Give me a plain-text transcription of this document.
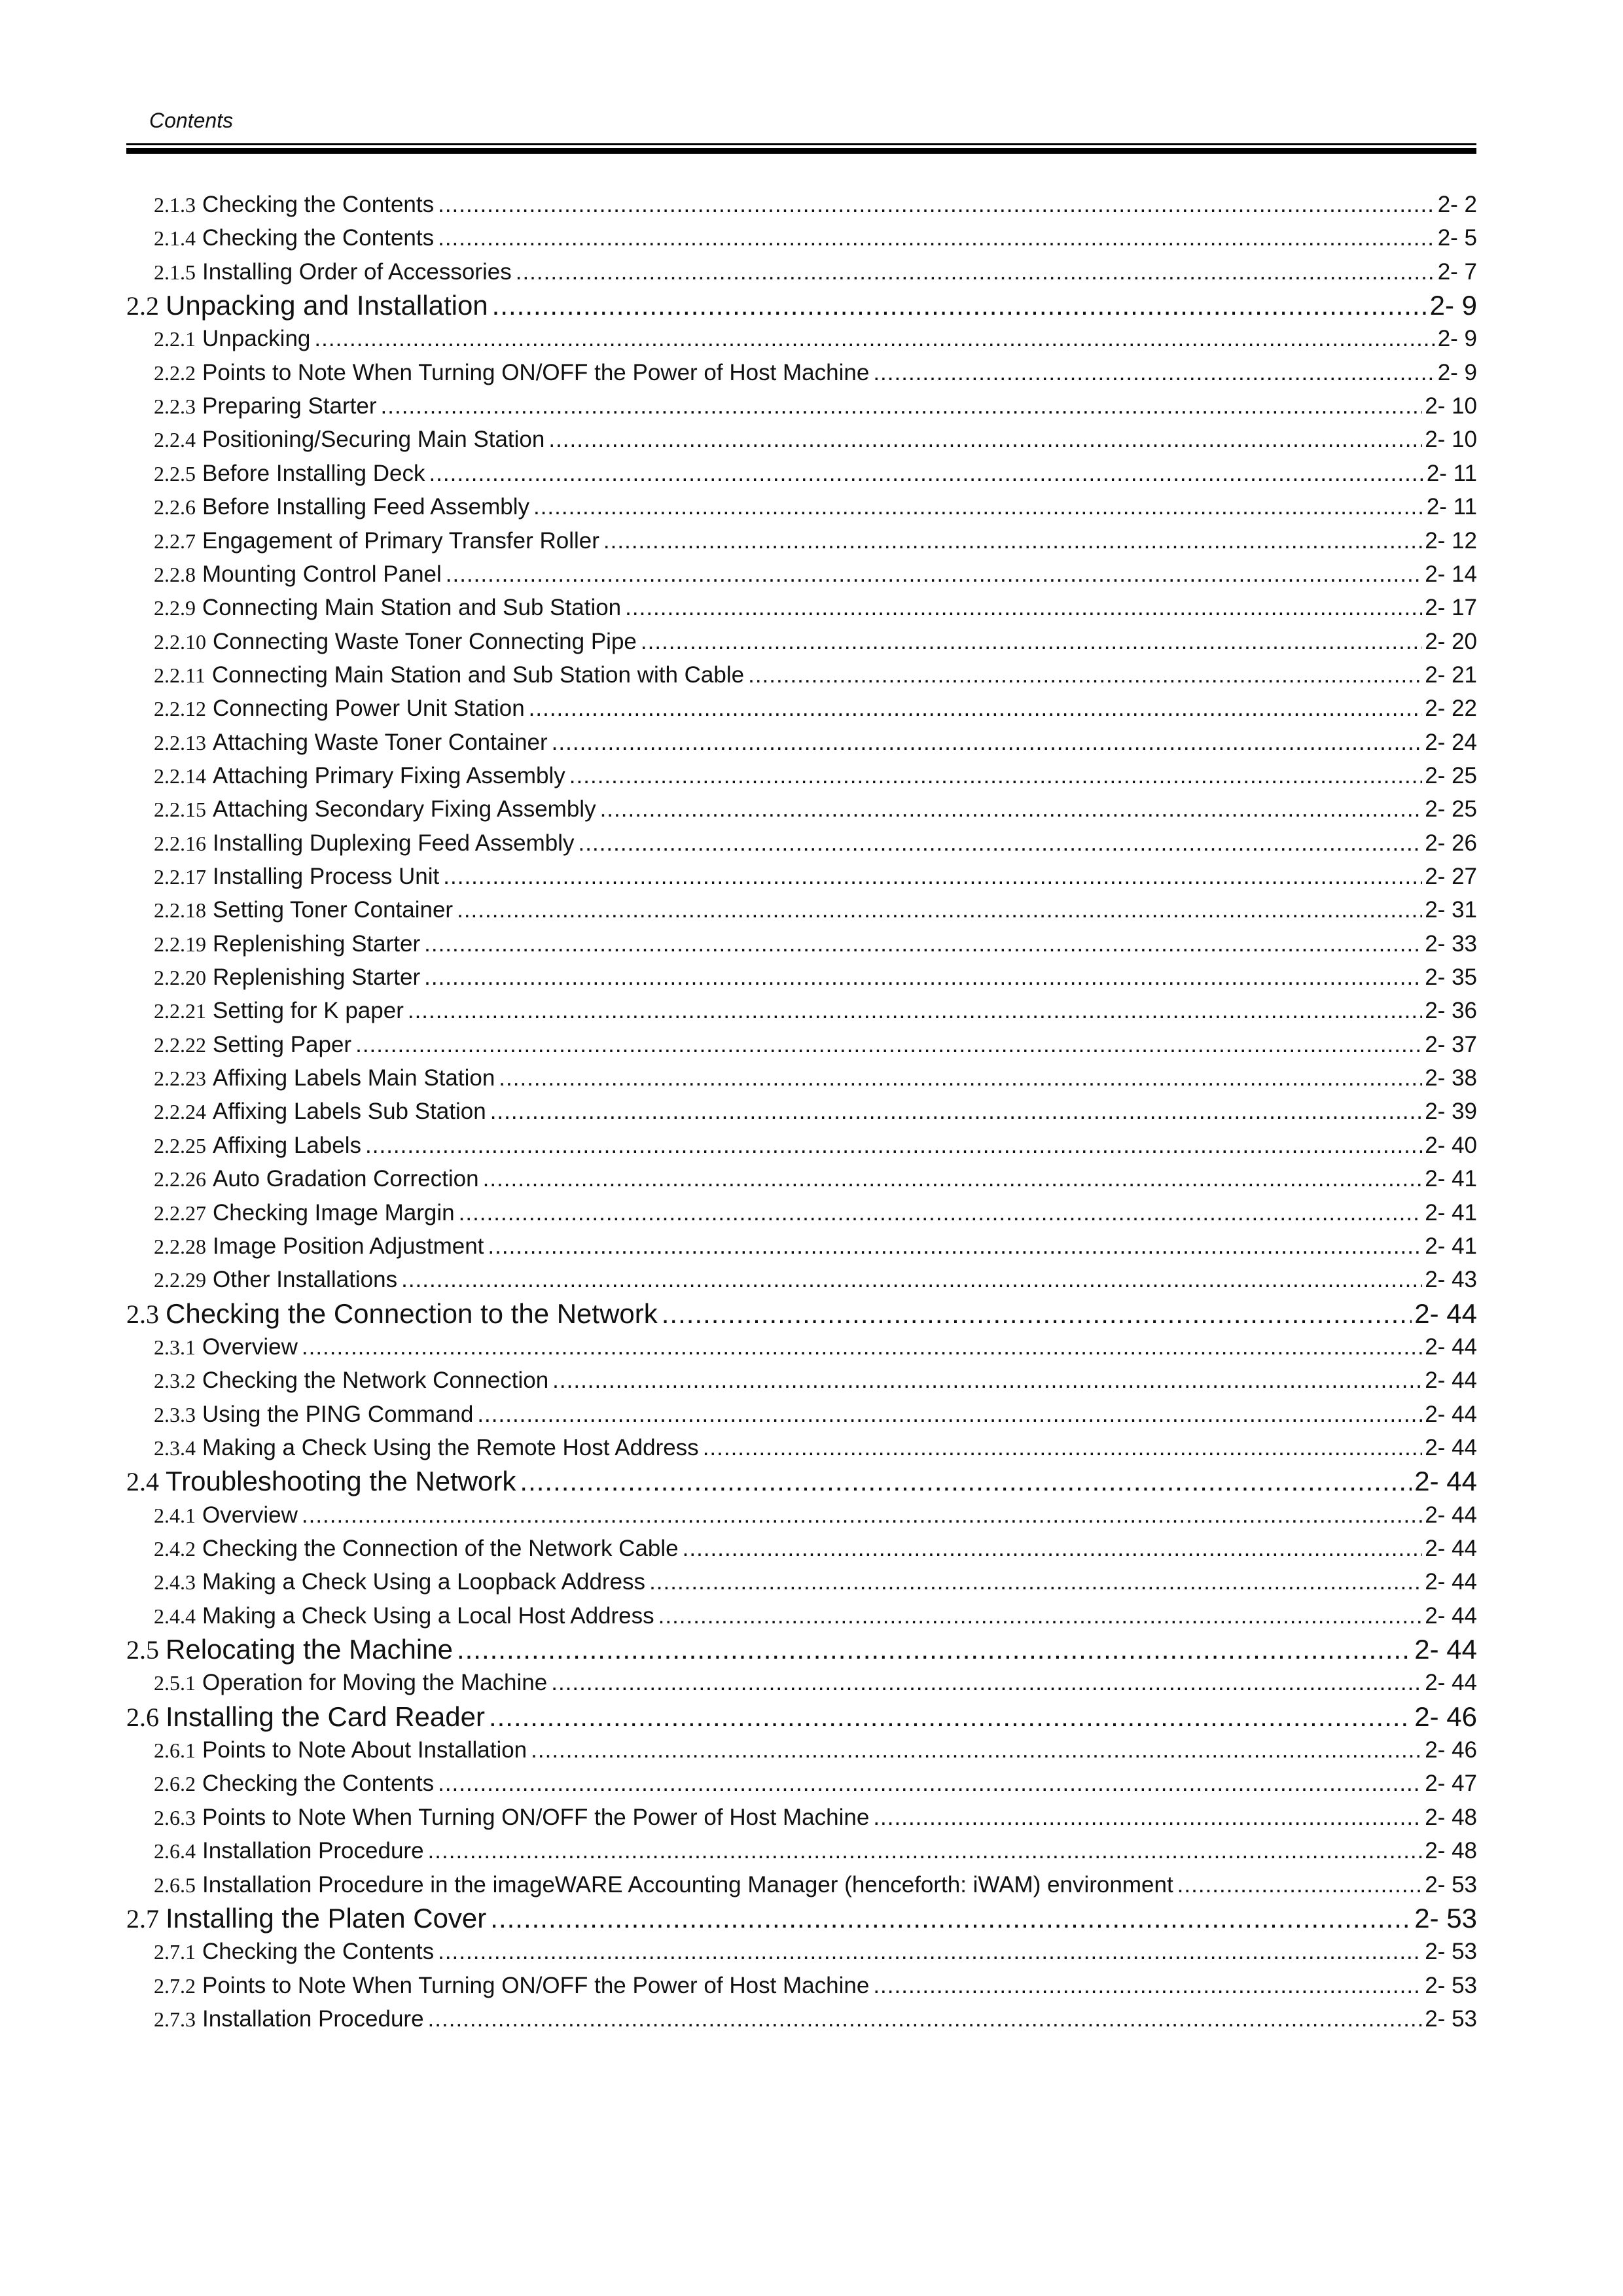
Contents
2.1.3 Checking the Contents .....	2- 2
2.1.4 Checking the Contents .....	2- 5
2.1.5 Installing Order of Accessories .....	2- 7
2.2 Unpacking and Installation .....	2- 9
2.2.1 Unpacking .....	2- 9
2.2.2 Points to Note When Turning ON/OFF the Power of Host Machine .....	2- 9
2.2.3 Preparing Starter .....	2- 10
2.2.4 Positioning/Securing Main Station .....	2- 10
2.2.5 Before Installing Deck .....	2- 11
2.2.6 Before Installing Feed Assembly .....	2- 11
2.2.7 Engagement of Primary Transfer Roller .....	2- 12
2.2.8 Mounting Control Panel .....	2- 14
2.2.9 Connecting Main Station and Sub Station .....	2- 17
2.2.10 Connecting Waste Toner Connecting Pipe .....	2- 20
2.2.11 Connecting Main Station and Sub Station with Cable .....	2- 21
2.2.12 Connecting Power Unit Station .....	2- 22
2.2.13 Attaching Waste Toner Container .....	2- 24
2.2.14 Attaching Primary Fixing Assembly .....	2- 25
2.2.15 Attaching Secondary Fixing Assembly .....	2- 25
2.2.16 Installing Duplexing Feed Assembly .....	2- 26
2.2.17 Installing Process Unit .....	2- 27
2.2.18 Setting Toner Container .....	2- 31
2.2.19 Replenishing Starter .....	2- 33
2.2.20 Replenishing Starter .....	2- 35
2.2.21 Setting for K paper .....	2- 36
2.2.22 Setting Paper .....	2- 37
2.2.23 Affixing Labels Main Station .....	2- 38
2.2.24 Affixing Labels Sub Station .....	2- 39
2.2.25 Affixing Labels .....	2- 40
2.2.26 Auto Gradation Correction .....	2- 41
2.2.27 Checking Image Margin .....	2- 41
2.2.28 Image Position Adjustment .....	2- 41
2.2.29 Other Installations .....	2- 43
2.3 Checking the Connection to the Network .....	2- 44
2.3.1 Overview .....	2- 44
2.3.2 Checking the Network Connection .....	2- 44
2.3.3 Using the PING Command .....	2- 44
2.3.4 Making a Check Using the Remote Host Address .....	2- 44
2.4 Troubleshooting the Network .....	2- 44
2.4.1 Overview .....	2- 44
2.4.2 Checking the Connection of the Network Cable .....	2- 44
2.4.3 Making a Check Using a Loopback Address .....	2- 44
2.4.4 Making a Check Using a Local Host Address .....	2- 44
2.5 Relocating the Machine .....	2- 44
2.5.1 Operation for Moving the Machine .....	2- 44
2.6 Installing the Card Reader .....	2- 46
2.6.1 Points to Note About Installation .....	2- 46
2.6.2 Checking the Contents .....	2- 47
2.6.3 Points to Note When Turning ON/OFF the Power of Host Machine .....	2- 48
2.6.4 Installation Procedure .....	2- 48
2.6.5 Installation Procedure in the imageWARE Accounting Manager (henceforth: iWAM) environment .....	2- 53
2.7 Installing the Platen Cover .....	2- 53
2.7.1 Checking the Contents .....	2- 53
2.7.2 Points to Note When Turning ON/OFF the Power of Host Machine .....	2- 53
2.7.3 Installation Procedure .....	2- 53
